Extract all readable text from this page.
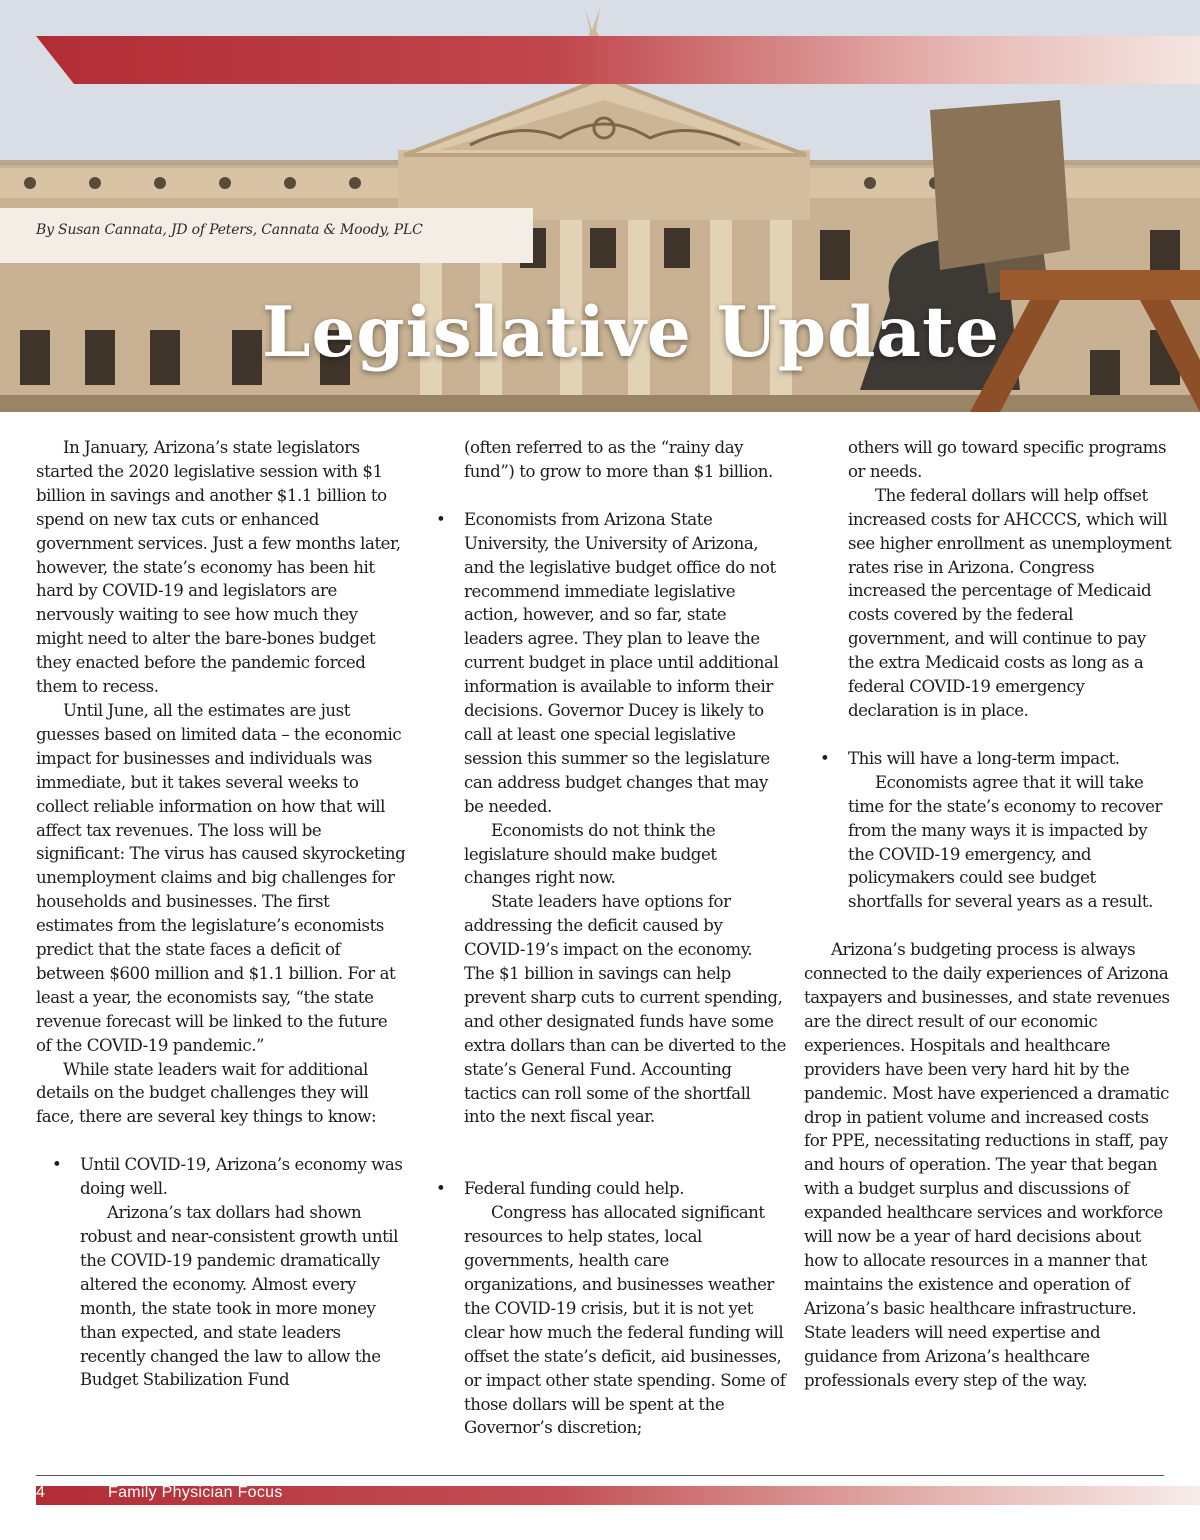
By Susan Cannata, JD of Peters, Cannata & Moody, PLC
Legislative Update

In January, Arizona’s state legislators started the 2020 legislative session with $1 billion in savings and another $1.1 billion to spend on new tax cuts or enhanced government services. Just a few months later, however, the state’s economy has been hit hard by COVID-19 and legislators are nervously waiting to see how much they might need to alter the bare-bones budget they enacted before the pandemic forced them to recess.

Until June, all the estimates are just guesses based on limited data – the economic impact for businesses and individuals was immediate, but it takes several weeks to collect reliable information on how that will affect tax revenues. The loss will be significant: The virus has caused skyrocketing unemployment claims and big challenges for households and businesses. The first estimates from the legislature’s economists predict that the state faces a deficit of between $600 million and $1.1 billion. For at least a year, the economists say, “the state revenue forecast will be linked to the future of the COVID-19 pandemic.”

While state leaders wait for additional details on the budget challenges they will face, there are several key things to know:

• Until COVID-19, Arizona’s economy was doing well.

Arizona’s tax dollars had shown robust and near-consistent growth until the COVID-19 pandemic dramatically altered the economy. Almost every month, the state took in more money than expected, and state leaders recently changed the law to allow the Budget Stabilization Fund

(often referred to as the “rainy day fund”) to grow to more than $1 billion.

• Economists from Arizona State University, the University of Arizona, and the legislative budget office do not recommend immediate legislative action, however, and so far, state leaders agree. They plan to leave the current budget in place until additional information is available to inform their decisions. Governor Ducey is likely to call at least one special legislative session this summer so the legislature can address budget changes that may be needed.

Economists do not think the legislature should make budget changes right now.

State leaders have options for addressing the deficit caused by COVID-19’s impact on the economy. The $1 billion in savings can help prevent sharp cuts to current spending, and other designated funds have some extra dollars than can be diverted to the state’s General Fund. Accounting tactics can roll some of the shortfall into the next fiscal year.

• Federal funding could help.

Congress has allocated significant resources to help states, local governments, health care organizations, and businesses weather the COVID-19 crisis, but it is not yet clear how much the federal funding will offset the state’s deficit, aid businesses, or impact other state spending. Some of those dollars will be spent at the Governor’s discretion;

others will go toward specific programs or needs.

The federal dollars will help offset increased costs for AHCCCS, which will see higher enrollment as unemployment rates rise in Arizona. Congress increased the percentage of Medicaid costs covered by the federal government, and will continue to pay the extra Medicaid costs as long as a federal COVID-19 emergency declaration is in place.

• This will have a long-term impact.

Economists agree that it will take time for the state’s economy to recover from the many ways it is impacted by the COVID-19 emergency, and policymakers could see budget shortfalls for several years as a result.

Arizona’s budgeting process is always connected to the daily experiences of Arizona taxpayers and businesses, and state revenues are the direct result of our economic experiences. Hospitals and healthcare providers have been very hard hit by the pandemic. Most have experienced a dramatic drop in patient volume and increased costs for PPE, necessitating reductions in staff, pay and hours of operation. The year that began with a budget surplus and discussions of expanded healthcare services and workforce will now be a year of hard decisions about how to allocate resources in a manner that maintains the existence and operation of Arizona’s basic healthcare infrastructure. State leaders will need expertise and guidance from Arizona’s healthcare professionals every step of the way.

4	Family Physician Focus
